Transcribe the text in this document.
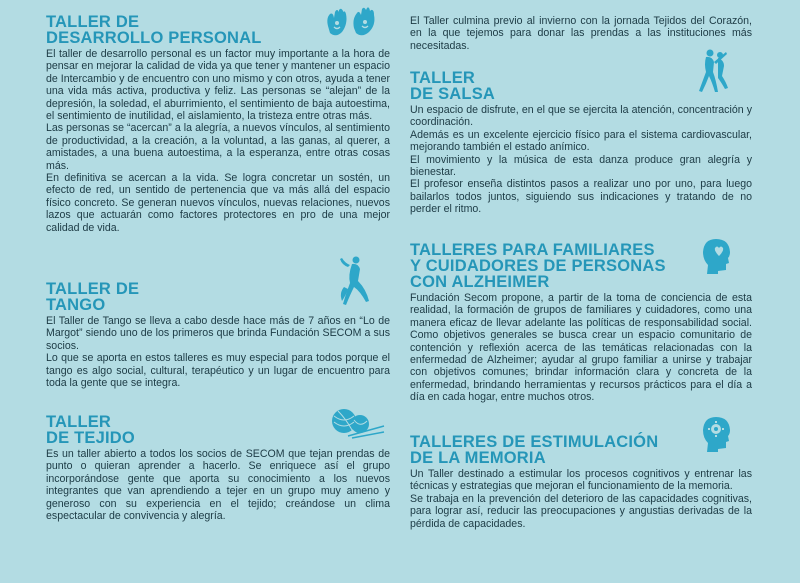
TALLER DE
DESARROLLO PERSONAL

El taller de desarrollo personal es un factor muy importante a la hora de pensar en mejorar la calidad de vida ya que tener y mantener un espacio de Intercambio y de encuentro con uno mismo y con otros, ayuda a tener una vida más activa, productiva y feliz. Las personas se “alejan” de la depresión, la soledad, el aburrimiento, el sentimiento de baja autoestima, el sentimiento de inutilidad, el aislamiento, la tristeza entre otras más.

Las personas se “acercan” a la alegría, a nuevos vínculos, al sentimiento de productividad, a la creación, a la voluntad, a las ganas, al querer, a amistades, a una buena autoestima, a la esperanza, entre otras cosas más.

En definitiva se acercan a la vida. Se logra concretar un sostén, un efecto de red, un sentido de pertenencia que va más allá del espacio físico concreto. Se generan nuevos vínculos, nuevas relaciones, nuevos lazos que actuarán como factores protectores en pro de una mejor calidad de vida.

TALLER DE
TANGO

El Taller de Tango se lleva a cabo desde hace más de 7 años en “Lo de Margot” siendo uno de los primeros que brinda Fundación SECOM a sus socios.

Lo que se aporta en estos talleres es muy especial para todos porque el tango es algo social, cultural, terapéutico y un lugar de encuentro para toda la gente que se integra.

TALLER
DE TEJIDO

Es un taller abierto a todos los socios de SECOM que tejan prendas de punto o quieran aprender a hacerlo. Se enriquece así el grupo incorporándose gente que aporta su conocimiento a los nuevos integrantes que van aprendiendo a tejer en un grupo muy ameno y generoso con su experiencia en el tejido; creándose un clima espectacular de convivencia y alegría.

El Taller culmina previo al invierno con la jornada Tejidos del Corazón, en la que tejemos para donar las prendas a las instituciones más necesitadas.

TALLER
DE SALSA

Un espacio de disfrute, en el que se ejercita la atención, concentración y coordinación.

Además es un excelente ejercicio físico para el sistema cardiovascular, mejorando también el estado anímico.

El movimiento y la música de esta danza produce gran alegría y bienestar.

El profesor enseña distintos pasos a realizar uno por uno, para luego bailarlos todos juntos, siguiendo sus indicaciones y tratando de no perder el ritmo.

TALLERES PARA FAMILIARES
Y CUIDADORES DE PERSONAS
CON ALZHEIMER

Fundación Secom propone, a partir de la toma de conciencia de esta realidad, la formación de grupos de familiares y cuidadores, como una manera eficaz de llevar adelante las políticas de responsabilidad social. Como objetivos generales se busca crear un espacio comunitario de contención y reflexión acerca de las temáticas relacionadas con la enfermedad de Alzheimer; ayudar al grupo familiar a unirse y trabajar con objetivos comunes; brindar información clara y concreta de la enfermedad, brindando herramientas y recursos prácticos para el día a día en cada hogar, entre muchos otros.

TALLERES DE ESTIMULACIÓN
DE LA MEMORIA

Un Taller destinado a estimular los procesos cognitivos y entrenar las técnicas y estrategias que mejoran el funcionamiento de la memoria.

Se trabaja en la prevención del deterioro de las capacidades cognitivas, para lograr así, reducir las preocupaciones y angustias derivadas de la pérdida de capacidades.
